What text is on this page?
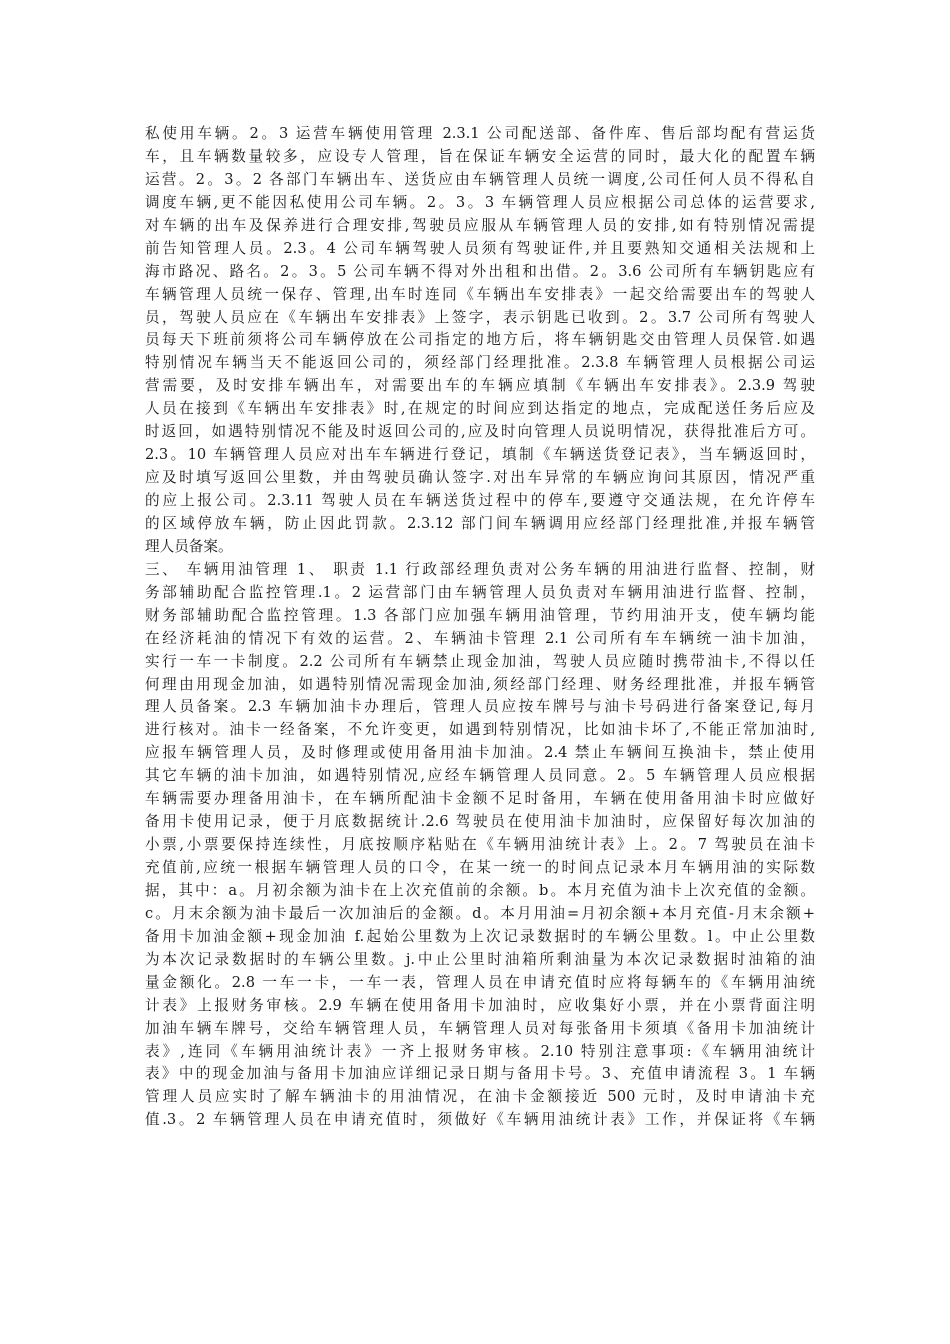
私使用车辆。2。3 运营车辆使用管理 2.3.1 公司配送部、备件库、售后部均配有营运货
车，且车辆数量较多，应设专人管理，旨在保证车辆安全运营的同时，最大化的配置车辆
运营。2。3。2 各部门车辆出车、送货应由车辆管理人员统一调度,公司任何人员不得私自
调度车辆,更不能因私使用公司车辆。2。3。3 车辆管理人员应根据公司总体的运营要求,
对车辆的出车及保养进行合理安排,驾驶员应服从车辆管理人员的安排,如有特别情况需提
前告知管理人员。2.3。4 公司车辆驾驶人员须有驾驶证件,并且要熟知交通相关法规和上
海市路况、路名。2。3。5 公司车辆不得对外出租和出借。2。3.6 公司所有车辆钥匙应有
车辆管理人员统一保存、管理,出车时连同《车辆出车安排表》一起交给需要出车的驾驶人
员，驾驶人员应在《车辆出车安排表》上签字，表示钥匙已收到。2。3.7 公司所有驾驶人
员每天下班前须将公司车辆停放在公司指定的地方后，将车辆钥匙交由管理人员保管.如遇
特别情况车辆当天不能返回公司的，须经部门经理批准。2.3.8 车辆管理人员根据公司运
营需要，及时安排车辆出车，对需要出车的车辆应填制《车辆出车安排表》。2.3.9 驾驶
人员在接到《车辆出车安排表》时,在规定的时间应到达指定的地点，完成配送任务后应及
时返回，如遇特别情况不能及时返回公司的,应及时向管理人员说明情况，获得批准后方可。
2.3。10 车辆管理人员应对出车车辆进行登记，填制《车辆送货登记表》，当车辆返回时，
应及时填写返回公里数，并由驾驶员确认签字.对出车异常的车辆应询问其原因，情况严重
的应上报公司。2.3.11 驾驶人员在车辆送货过程中的停车,要遵守交通法规，在允许停车
的区域停放车辆，防止因此罚款。2.3.12 部门间车辆调用应经部门经理批准,并报车辆管
理人员备案。
三、 车辆用油管理 1、 职责 1.1 行政部经理负责对公务车辆的用油进行监督、控制，财
务部辅助配合监控管理.1。2 运营部门由车辆管理人员负责对车辆用油进行监督、控制，
财务部辅助配合监控管理。1.3 各部门应加强车辆用油管理，节约用油开支，使车辆均能
在经济耗油的情况下有效的运营。2、车辆油卡管理 2.1 公司所有车车辆统一油卡加油，
实行一车一卡制度。2.2 公司所有车辆禁止现金加油，驾驶人员应随时携带油卡,不得以任
何理由用现金加油，如遇特别情况需现金加油,须经部门经理、财务经理批准，并报车辆管
理人员备案。2.3 车辆加油卡办理后，管理人员应按车牌号与油卡号码进行备案登记,每月
进行核对。油卡一经备案，不允许变更，如遇到特别情况，比如油卡坏了,不能正常加油时,
应报车辆管理人员，及时修理或使用备用油卡加油。2.4 禁止车辆间互换油卡，禁止使用
其它车辆的油卡加油，如遇特别情况,应经车辆管理人员同意。2。5 车辆管理人员应根据
车辆需要办理备用油卡，在车辆所配油卡金额不足时备用，车辆在使用备用油卡时应做好
备用卡使用记录，便于月底数据统计.2.6 驾驶员在使用油卡加油时，应保留好每次加油的
小票,小票要保持连续性，月底按顺序粘贴在《车辆用油统计表》上。2。7 驾驶员在油卡
充值前,应统一根据车辆管理人员的口令，在某一统一的时间点记录本月车辆用油的实际数
据，其中：a。月初余额为油卡在上次充值前的余额。b。本月充值为油卡上次充值的金额。
c。月末余额为油卡最后一次加油后的金额。d。本月用油=月初余额+本月充值-月末余额+
备用卡加油金额+现金加油 f.起始公里数为上次记录数据时的车辆公里数。l。中止公里数
为本次记录数据时的车辆公里数。j.中止公里时油箱所剩油量为本次记录数据时油箱的油
量金额化。2.8 一车一卡，一车一表，管理人员在申请充值时应将每辆车的《车辆用油统
计表》上报财务审核。2.9 车辆在使用备用卡加油时，应收集好小票，并在小票背面注明
加油车辆车牌号，交给车辆管理人员，车辆管理人员对每张备用卡须填《备用卡加油统计
表》,连同《车辆用油统计表》一齐上报财务审核。2.10 特别注意事项:《车辆用油统计
表》中的现金加油与备用卡加油应详细记录日期与备用卡号。3、充值申请流程 3。1 车辆
管理人员应实时了解车辆油卡的用油情况，在油卡金额接近 500 元时，及时申请油卡充
值.3。2 车辆管理人员在申请充值时，须做好《车辆用油统计表》工作，并保证将《车辆
